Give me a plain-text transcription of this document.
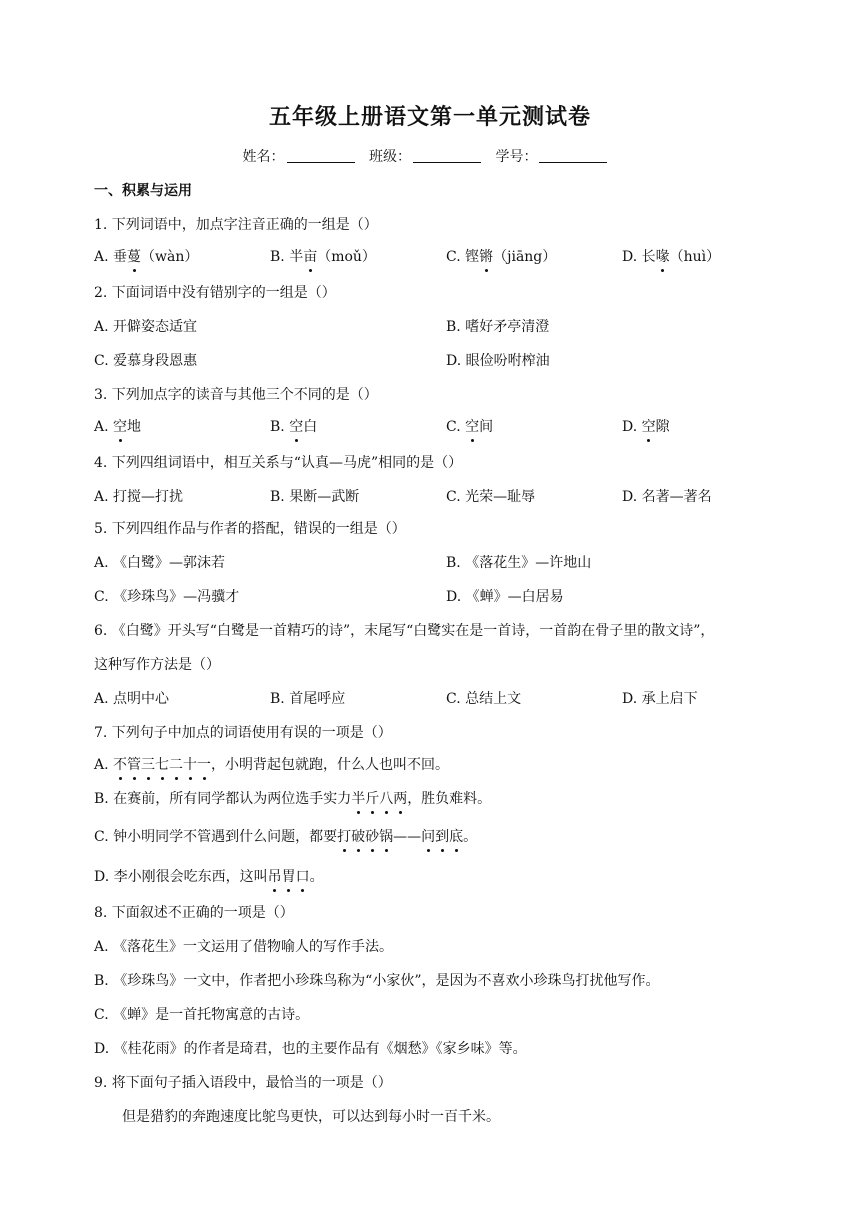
五年级上册语文第一单元测试卷
姓名：	班级：	学号：
一、积累与运用
1. 下列词语中，加点字注音正确的一组是（）
A. 垂蔓（wàn）	B. 半亩（moǔ）	C. 铿锵（jiāng）	D. 长喙（huì）
2. 下面词语中没有错别字的一组是（）
A. 开僻姿态适宜	B. 嗜好矛亭清澄
C. 爱慕身段恩惠	D. 眼俭吩咐榨油
3. 下列加点字的读音与其他三个不同的是（）
A. 空地	B. 空白	C. 空间	D. 空隙
4. 下列四组词语中，相互关系与“认真—马虎”相同的是（）
A. 打搅—打扰	B. 果断—武断	C. 光荣—耻辱	D. 名著—著名
5. 下列四组作品与作者的搭配，错误的一组是（）
A. 《白鹭》—郭沫若	B. 《落花生》—许地山
C. 《珍珠鸟》—冯骥才	D. 《蝉》—白居易
6. 《白鹭》开头写“白鹭是一首精巧的诗”，末尾写“白鹭实在是一首诗，一首韵在骨子里的散文诗”，
这种写作方法是（）
A. 点明中心	B. 首尾呼应	C. 总结上文	D. 承上启下
7. 下列句子中加点的词语使用有误的一项是（）
A. 不管三七二十一，小明背起包就跑，什么人也叫不回。
B. 在赛前，所有同学都认为两位选手实力半斤八两，胜负难料。
C. 钟小明同学不管遇到什么问题，都要打破砂锅——问到底。
D. 李小刚很会吃东西，这叫吊胃口。
8. 下面叙述不正确的一项是（）
A. 《落花生》一文运用了借物喻人的写作手法。
B. 《珍珠鸟》一文中，作者把小珍珠鸟称为“小家伙”，是因为不喜欢小珍珠鸟打扰他写作。
C. 《蝉》是一首托物寓意的古诗。
D. 《桂花雨》的作者是琦君，也的主要作品有《烟愁》《家乡味》等。
9. 将下面句子插入语段中，最恰当的一项是（）
但是猎豹的奔跑速度比鸵鸟更快，可以达到每小时一百千米。
